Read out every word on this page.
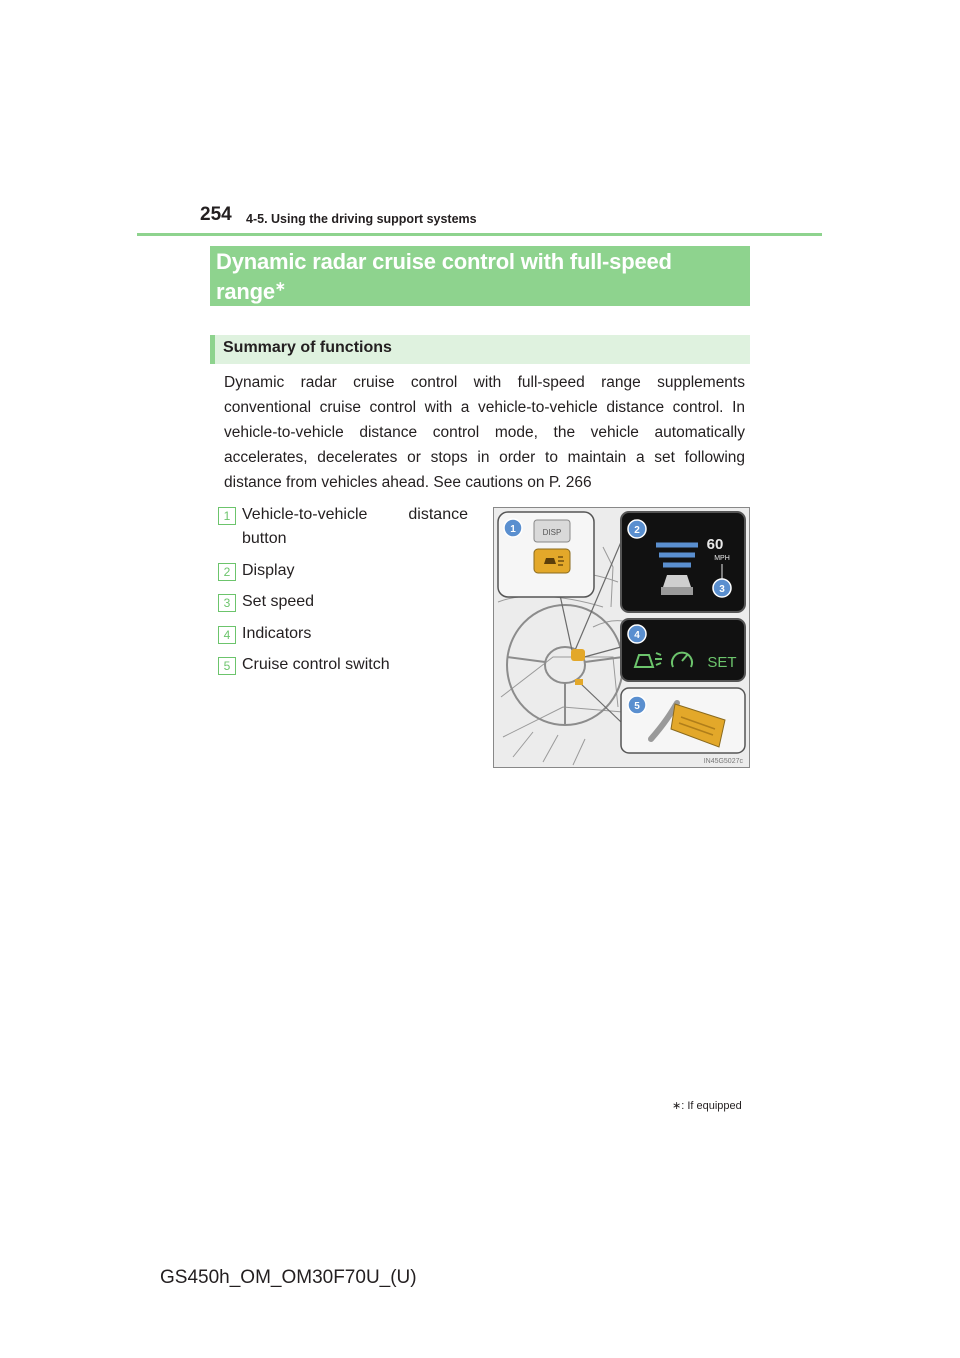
254 4-5. Using the driving support systems
Dynamic radar cruise control with full-speed range∗
Summary of functions

Dynamic radar cruise control with full-speed range supplements conventional cruise control with a vehicle-to-vehicle distance control. In vehicle-to-vehicle distance control mode, the vehicle automatically accelerates, decelerates or stops in order to maintain a set following distance from vehicles ahead. See cautions on P. 266

1 Vehicle-to-vehicle distance button
2 Display
3 Set speed
4 Indicators
5 Cruise control switch
DISP
60
MPH
SET
1	2
3
4
5
IN45G5027c
∗: If equipped
GS450h_OM_OM30F70U_(U)
